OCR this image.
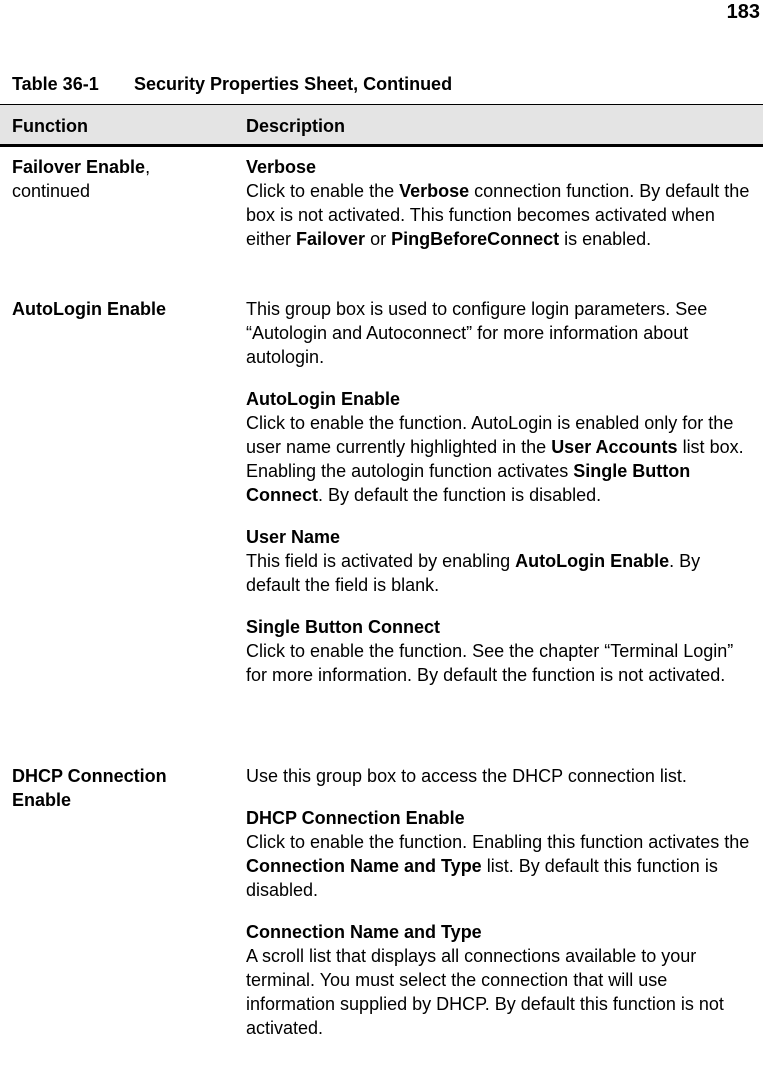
183
Table 36-1 Security Properties Sheet, Continued
Function	Description
Failover Enable,
continued
Verbose
Click to enable the Verbose connection function. By default the box is not activated. This function becomes activated when either Failover or PingBeforeConnect is enabled.
AutoLogin Enable	This group box is used to configure login parameters. See “Autologin and Autoconnect” for more information about autologin.
AutoLogin Enable
Click to enable the function. AutoLogin is enabled only for the user name currently highlighted in the User Accounts list box. Enabling the autologin function activates Single Button Connect. By default the function is disabled.
User Name
This field is activated by enabling AutoLogin Enable. By default the field is blank.
Single Button Connect
Click to enable the function. See the chapter “Terminal Login” for more information. By default the function is not activated.
DHCP Connection Enable
Use this group box to access the DHCP connection list.
DHCP Connection Enable
Click to enable the function. Enabling this function activates the Connection Name and Type list. By default this function is disabled.
Connection Name and Type
A scroll list that displays all connections available to your terminal. You must select the connection that will use information supplied by DHCP. By default this function is not activated.
